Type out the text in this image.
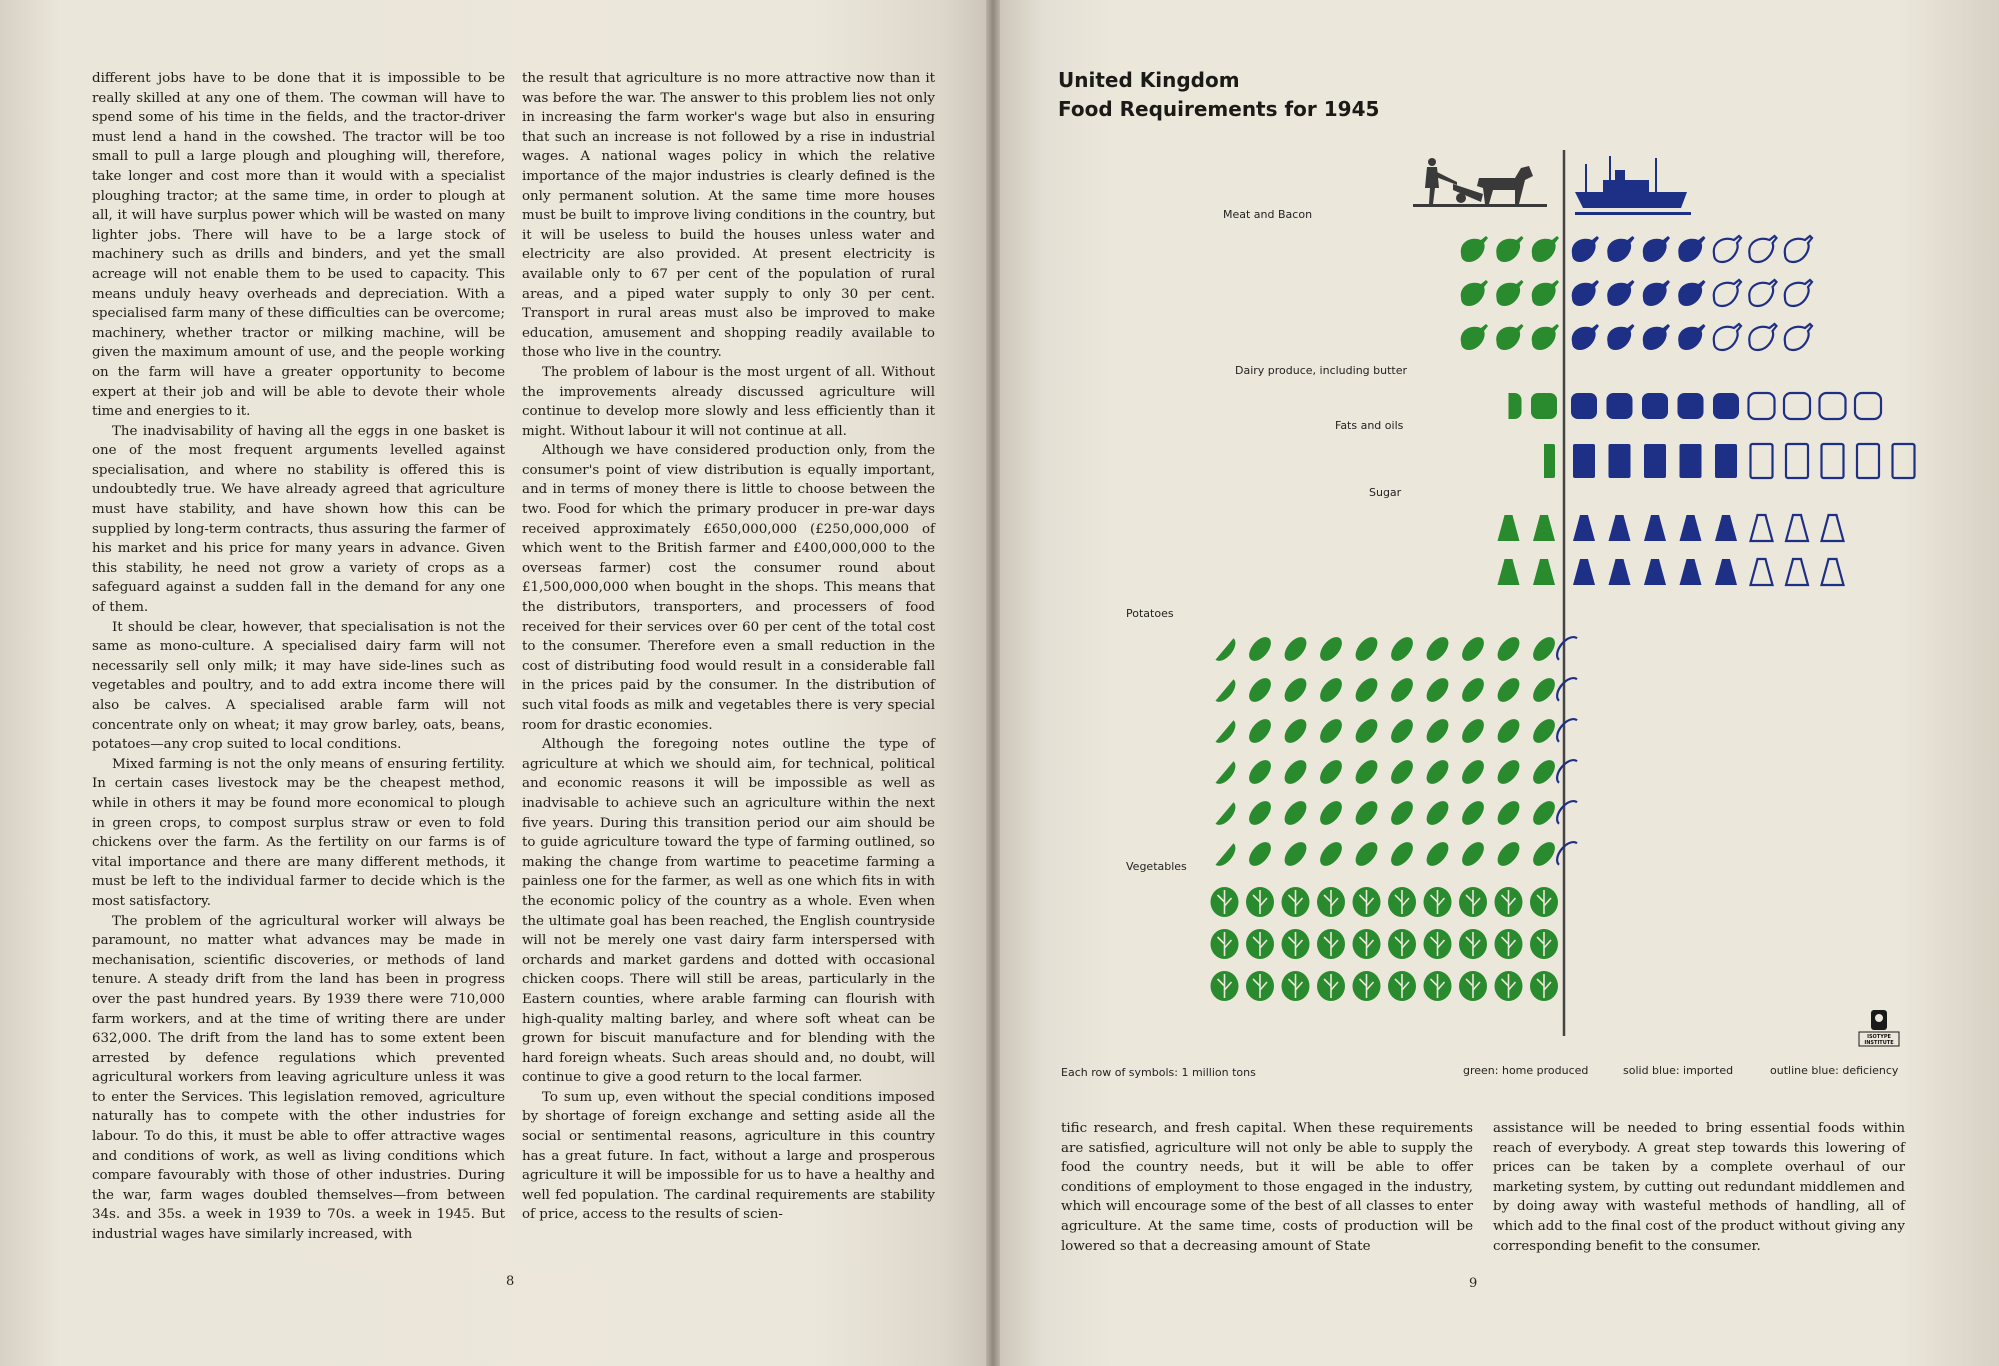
different jobs have to be done that it is impossible to be really skilled at any one of them. The cowman will have to spend some of his time in the fields, and the tractor-driver must lend a hand in the cowshed. The tractor will be too small to pull a large plough and ploughing will, therefore, take longer and cost more than it would with a specialist ploughing tractor; at the same time, in order to plough at all, it will have surplus power which will be wasted on many lighter jobs. There will have to be a large stock of machinery such as drills and binders, and yet the small acreage will not enable them to be used to capacity. This means unduly heavy overheads and depreciation. With a specialised farm many of these difficulties can be overcome; machinery, whether tractor or milking machine, will be given the maximum amount of use, and the people working on the farm will have a greater opportunity to become expert at their job and will be able to devote their whole time and energies to it.

The inadvisability of having all the eggs in one basket is one of the most frequent arguments levelled against specialisation, and where no stability is offered this is undoubtedly true. We have already agreed that agriculture must have stability, and have shown how this can be supplied by long-term contracts, thus assuring the farmer of his market and his price for many years in advance. Given this stability, he need not grow a variety of crops as a safeguard against a sudden fall in the demand for any one of them.

It should be clear, however, that specialisation is not the same as mono-culture. A specialised dairy farm will not necessarily sell only milk; it may have side-lines such as vegetables and poultry, and to add extra income there will also be calves. A specialised arable farm will not concentrate only on wheat; it may grow barley, oats, beans, potatoes—any crop suited to local conditions.

Mixed farming is not the only means of ensuring fertility. In certain cases livestock may be the cheapest method, while in others it may be found more economical to plough in green crops, to compost surplus straw or even to fold chickens over the farm. As the fertility on our farms is of vital importance and there are many different methods, it must be left to the individual farmer to decide which is the most satisfactory.

The problem of the agricultural worker will always be paramount, no matter what advances may be made in mechanisation, scientific discoveries, or methods of land tenure. A steady drift from the land has been in progress over the past hundred years. By 1939 there were 710,000 farm workers, and at the time of writing there are under 632,000. The drift from the land has to some extent been arrested by defence regulations which prevented agricultural workers from leaving agriculture unless it was to enter the Services. This legislation removed, agriculture naturally has to compete with the other industries for labour. To do this, it must be able to offer attractive wages and conditions of work, as well as living conditions which compare favourably with those of other industries. During the war, farm wages doubled themselves—from between 34s. and 35s. a week in 1939 to 70s. a week in 1945. But industrial wages have similarly increased, with

the result that agriculture is no more attractive now than it was before the war. The answer to this problem lies not only in increasing the farm worker's wage but also in ensuring that such an increase is not followed by a rise in industrial wages. A national wages policy in which the relative importance of the major industries is clearly defined is the only permanent solution. At the same time more houses must be built to improve living conditions in the country, but it will be useless to build the houses unless water and electricity are also provided. At present electricity is available only to 67 per cent of the population of rural areas, and a piped water supply to only 30 per cent. Transport in rural areas must also be improved to make education, amusement and shopping readily available to those who live in the country.

The problem of labour is the most urgent of all. Without the improvements already discussed agriculture will continue to develop more slowly and less efficiently than it might. Without labour it will not continue at all.

Although we have considered production only, from the consumer's point of view distribution is equally important, and in terms of money there is little to choose between the two. Food for which the primary producer in pre-war days received approximately £650,000,000 (£250,000,000 of which went to the British farmer and £400,000,000 to the overseas farmer) cost the consumer round about £1,500,000,000 when bought in the shops. This means that the distributors, transporters, and processers of food received for their services over 60 per cent of the total cost to the consumer. Therefore even a small reduction in the cost of distributing food would result in a considerable fall in the prices paid by the consumer. In the distribution of such vital foods as milk and vegetables there is very special room for drastic economies.

Although the foregoing notes outline the type of agriculture at which we should aim, for technical, political and economic reasons it will be impossible as well as inadvisable to achieve such an agriculture within the next five years. During this transition period our aim should be to guide agriculture toward the type of farming outlined, so making the change from wartime to peacetime farming a painless one for the farmer, as well as one which fits in with the economic policy of the country as a whole. Even when the ultimate goal has been reached, the English countryside will not be merely one vast dairy farm interspersed with orchards and market gardens and dotted with occasional chicken coops. There will still be areas, particularly in the Eastern counties, where arable farming can flourish with high-quality malting barley, and where soft wheat can be grown for biscuit manufacture and for blending with the hard foreign wheats. Such areas should and, no doubt, will continue to give a good return to the local farmer.

To sum up, even without the special conditions imposed by shortage of foreign exchange and setting aside all the social or sentimental reasons, agriculture in this country has a great future. In fact, without a large and prosperous agriculture it will be impossible for us to have a healthy and well fed population. The cardinal requirements are stability of price, access to the results of scien-

8

tific research, and fresh capital. When these requirements are satisfied, agriculture will not only be able to supply the food the country needs, but it will be able to offer conditions of employment to those engaged in the industry, which will encourage some of the best of all classes to enter agriculture. At the same time, costs of production will be lowered so that a decreasing amount of State

assistance will be needed to bring essential foods within reach of everybody. A great step towards this lowering of prices can be taken by a complete overhaul of our marketing system, by cutting out redundant middlemen and by doing away with wasteful methods of handling, all of which add to the final cost of the product without giving any corresponding benefit to the consumer.

9
United Kingdom
Food Requirements for 1945
Meat and Bacon
Dairy produce, including butter
Fats and oils
Sugar
Potatoes
Vegetables
Each row of symbols: 1 million tons	green: home produced	solid blue: imported	outline blue: deficiency
ISOTYPE
INSTITUTE
